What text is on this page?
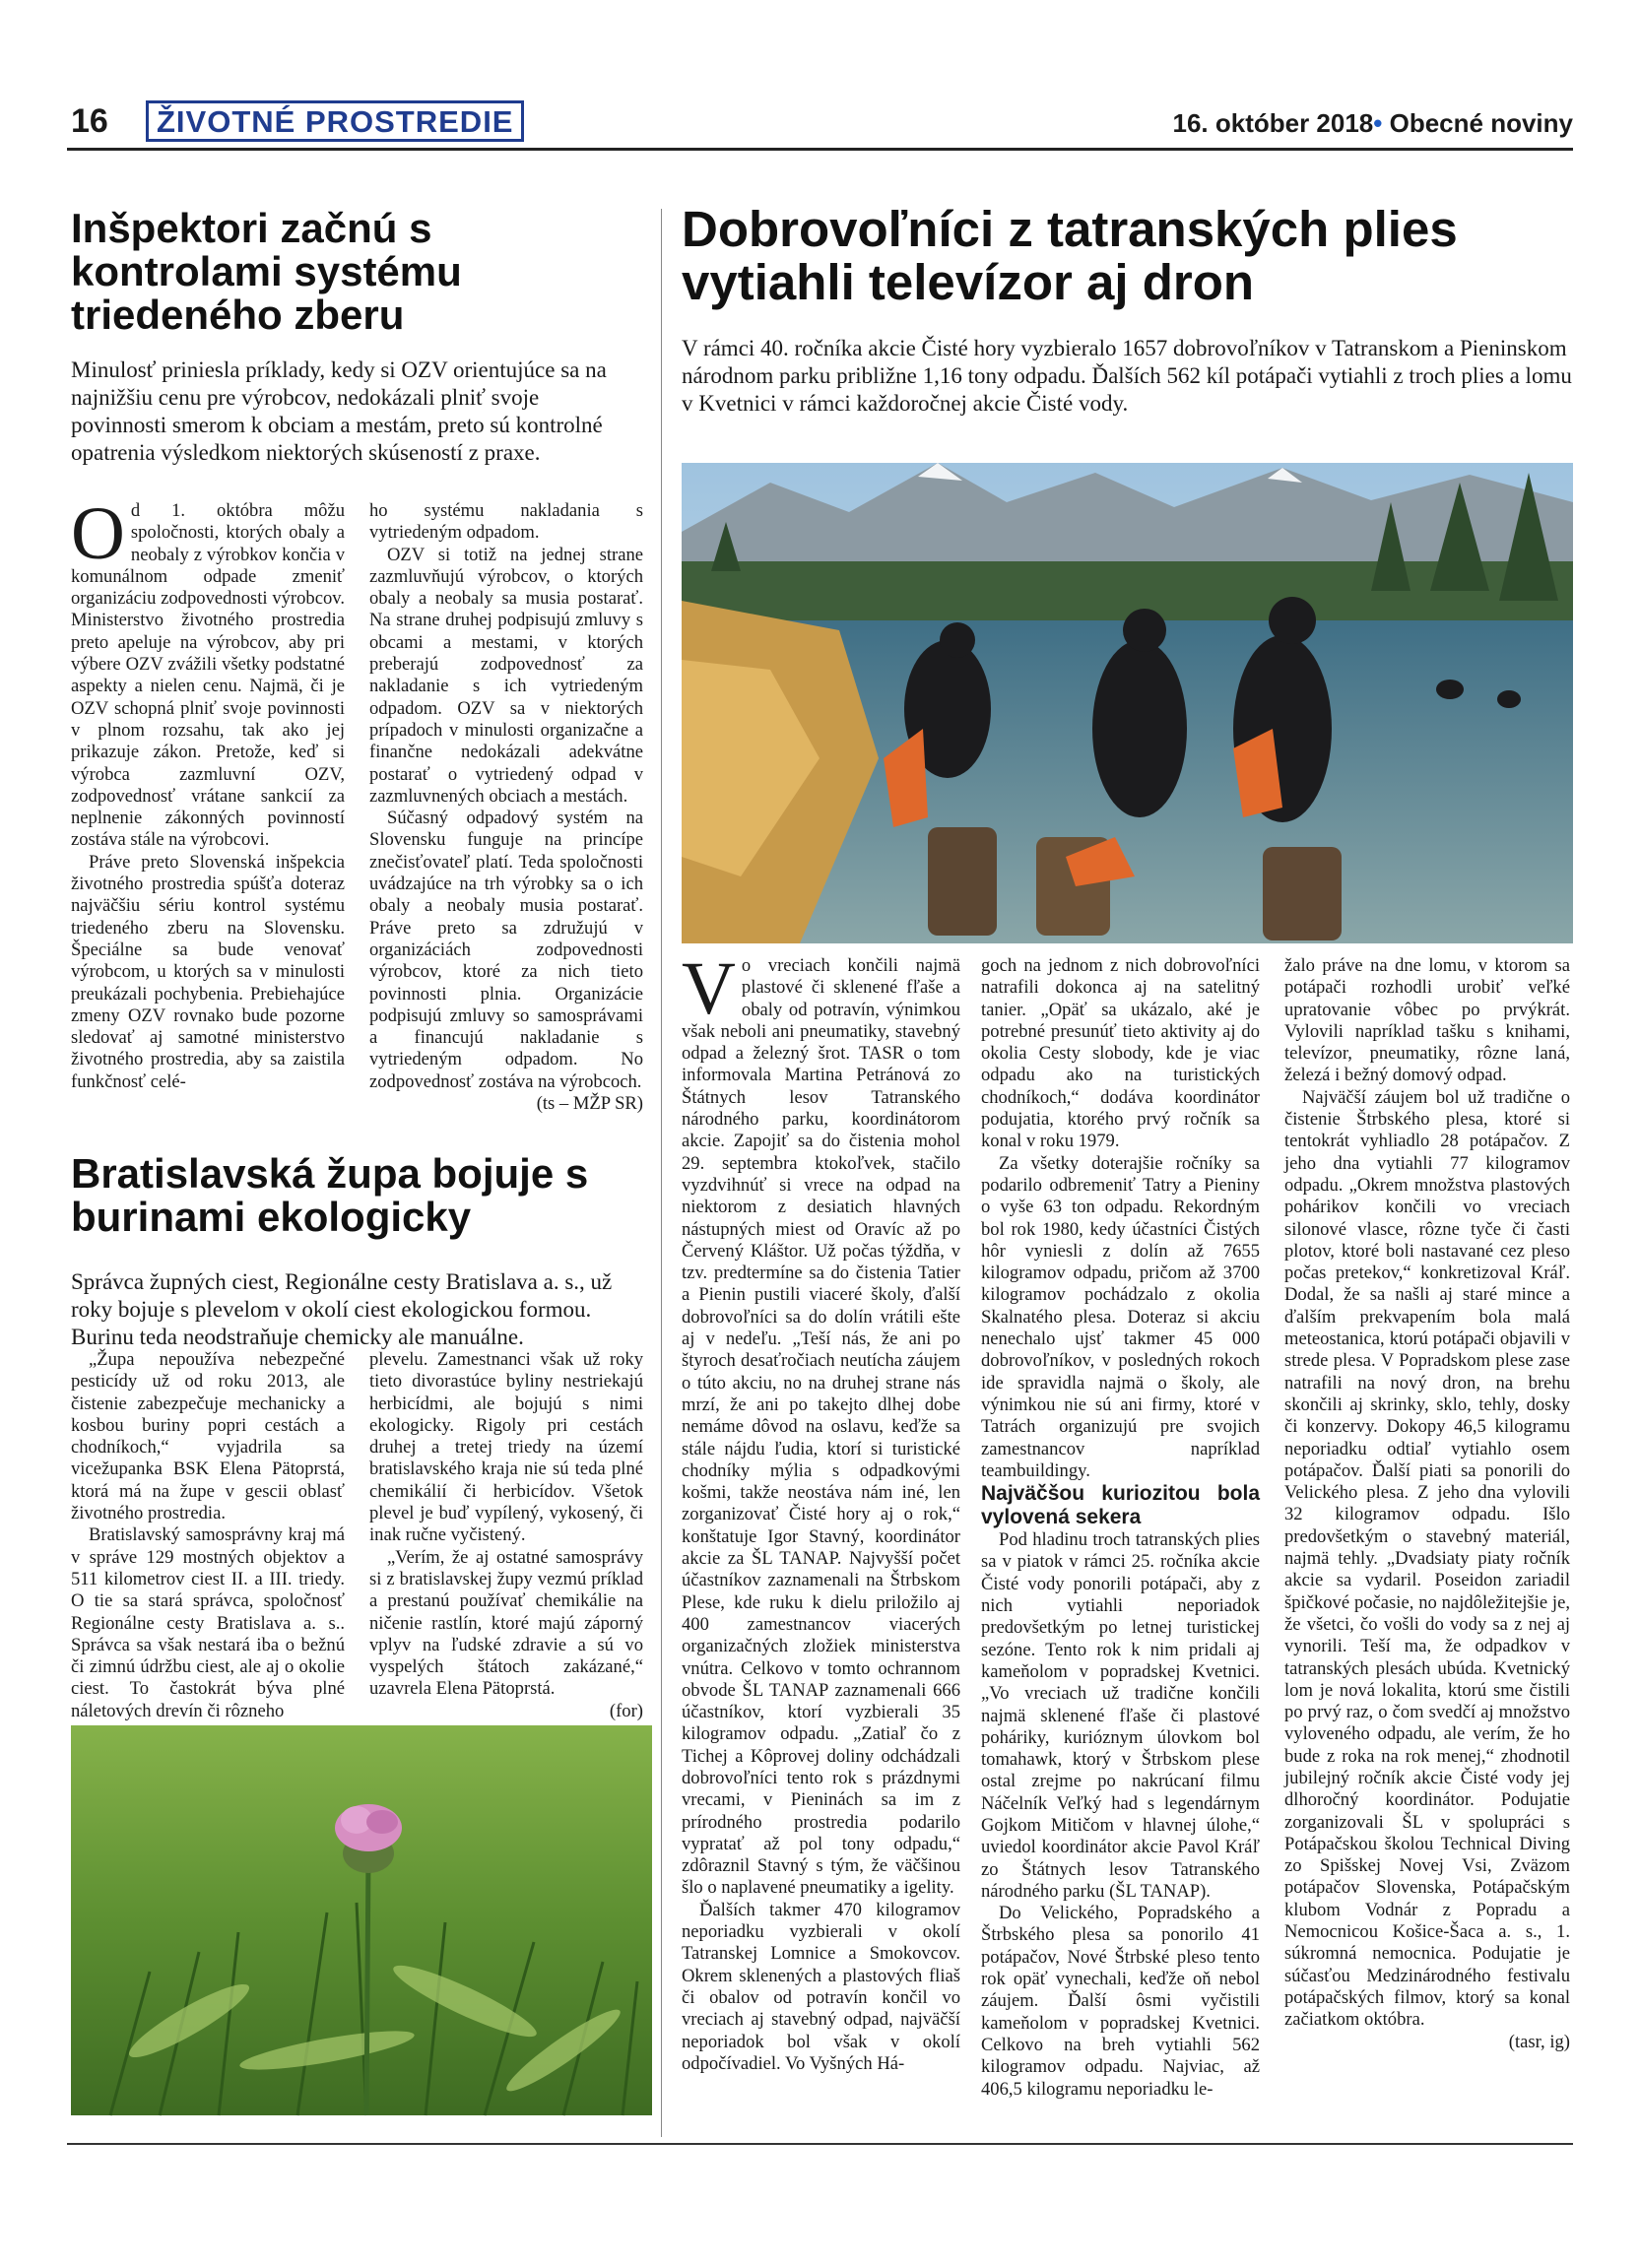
16	ŽIVOTNÉ PROSTREDIE	16. október 2018• Obecné noviny
Inšpektori začnú s kontrolami systému triedeného zberu
Minulosť priniesla príklady, kedy si OZV orientujúce sa na najnižšiu cenu pre výrobcov, nedokázali plniť svoje povinnosti smerom k obciam a mestám, preto sú kontrolné opatrenia výsledkom niektorých skúseností z praxe.
O d 1. októbra môžu spoločnosti, ktorých obaly a neobaly z výrobkov končia v komunálnom odpade zmeniť organizáciu zodpovednosti výrobcov. Ministerstvo životného prostredia preto apeluje na výrobcov, aby pri výbere OZV zvážili všetky podstatné aspekty a nielen cenu. Najmä, či je OZV schopná plniť svoje povinnosti v plnom rozsahu, tak ako jej prikazuje zákon. Pretože, keď si výrobca zazmluvní OZV, zodpovednosť vrátane sankcií za neplnenie zákonných povinností zostáva stále na výrobcovi.

Práve preto Slovenská inšpekcia životného prostredia spúšťa doteraz najväčšiu sériu kontrol systému triedeného zberu na Slovensku. Špeciálne sa bude venovať výrobcom, u ktorých sa v minulosti preukázali pochybenia. Prebiehajúce zmeny OZV rovnako bude pozorne sledovať aj samotné ministerstvo životného prostredia, aby sa zaistila funkčnosť celé-

ho systému nakladania s vytriedeným odpadom.

OZV si totiž na jednej strane zazmluvňujú výrobcov, o ktorých obaly a neobaly sa musia postarať. Na strane druhej podpisujú zmluvy s obcami a mestami, v ktorých preberajú zodpovednosť za nakladanie s ich vytriedeným odpadom. OZV sa v niektorých prípadoch v minulosti organizačne a finančne nedokázali adekvátne postarať o vytriedený odpad v zazmluvnených obciach a mestách.

Súčasný odpadový systém na Slovensku funguje na princípe znečisťovateľ platí. Teda spoločnosti uvádzajúce na trh výrobky sa o ich obaly a neobaly musia postarať. Práve preto sa združujú v organizáciách zodpovednosti výrobcov, ktoré za nich tieto povinnosti plnia. Organizácie podpisujú zmluvy so samosprávami a financujú nakladanie s vytriedeným odpadom. No zodpovednosť zostáva na výrobcoch.

(ts – MŽP SR)
Bratislavská župa bojuje s burinami ekologicky
Správca župných ciest, Regionálne cesty Bratislava a. s., už roky bojuje s plevelom v okolí ciest ekologickou formou. Burinu teda neodstraňuje chemicky ale manuálne.

„Župa nepoužíva nebezpečné pesticídy už od roku 2013, ale čistenie zabezpečuje mechanicky a kosbou buriny popri cestách a chodníkoch,“ vyjadrila sa vicežupanka BSK Elena Pätoprstá, ktorá má na župe v gescii oblasť životného prostredia.

Bratislavský samosprávny kraj má v správe 129 mostných objektov a 511 kilometrov ciest II. a III. triedy. O tie sa stará správca, spoločnosť Regionálne cesty Bratislava a. s.. Správca sa však nestará iba o bežnú či zimnú údržbu ciest, ale aj o okolie ciest. To častokrát býva plné náletových drevín či rôzneho

plevelu. Zamestnanci však už roky tieto divorastúce byliny nestriekajú herbicídmi, ale bojujú s nimi ekologicky. Rigoly pri cestách druhej a tretej triedy na území bratislavského kraja nie sú teda plné chemikálií či herbicídov. Všetok plevel je buď vypílený, vykosený, či inak ručne vyčistený.

„Verím, že aj ostatné samosprávy si z bratislavskej župy vezmú príklad a prestanú používať chemikálie na ničenie rastlín, ktoré majú záporný vplyv na ľudské zdravie a sú vo vyspelých štátoch zakázané,“ uzavrela Elena Pätoprstá.

(for)
Dobrovoľníci z tatranských plies vytiahli televízor aj dron
V rámci 40. ročníka akcie Čisté hory vyzbieralo 1657 dobrovoľníkov v Tatranskom a Pieninskom národnom parku približne 1,16 tony odpadu. Ďalších 562 kíl potápači vytiahli z troch plies a lomu v Kvetnici v rámci každoročnej akcie Čisté vody.
V o vreciach končili najmä plastové či sklenené fľaše a obaly od potravín, výnimkou však neboli ani pneumatiky, stavebný odpad a železný šrot. TASR o tom informovala Martina Petránová zo Štátnych lesov Tatranského národného parku, koordinátorom akcie. Zapojiť sa do čistenia mohol 29. septembra ktokoľvek, stačilo vyzdvihnúť si vrece na odpad na niektorom z desiatich hlavných nástupných miest od Oravíc až po Červený Kláštor. Už počas týždňa, v tzv. predtermíne sa do čistenia Tatier a Pienin pustili viaceré školy, ďalší dobrovoľníci sa do dolín vrátili ešte aj v nedeľu. „Teší nás, že ani po štyroch desaťročiach neutícha záujem o túto akciu, no na druhej strane nás mrzí, že ani po takejto dlhej dobe nemáme dôvod na oslavu, keďže sa stále nájdu ľudia, ktorí si turistické chodníky mýlia s odpadkovými košmi, takže neostáva nám iné, len zorganizovať Čisté hory aj o rok,“ konštatuje Igor Stavný, koordinátor akcie za ŠL TANAP. Najvyšší počet účastníkov zaznamenali na Štrbskom Plese, kde ruku k dielu priložilo aj 400 zamestnancov viacerých organizačných zložiek ministerstva vnútra. Celkovo v tomto ochrannom obvode ŠL TANAP zaznamenali 666 účastníkov, ktorí vyzbierali 35 kilogramov odpadu. „Zatiaľ čo z Tichej a Kôprovej doliny odchádzali dobrovoľníci tento rok s prázdnymi vrecami, v Pieninách sa im z prírodného prostredia podarilo vypratať až pol tony odpadu,“ zdôraznil Stavný s tým, že väčšinou šlo o naplavené pneumatiky a igelity.

Ďalších takmer 470 kilogramov neporiadku vyzbierali v okolí Tatranskej Lomnice a Smokovcov. Okrem sklenených a plastových fliaš či obalov od potravín končil vo vreciach aj stavebný odpad, najväčší neporiadok bol však v okolí odpočívadiel. Vo Vyšných Há-

goch na jednom z nich dobrovoľníci natrafili dokonca aj na satelitný tanier. „Opäť sa ukázalo, aké je potrebné presunúť tieto aktivity aj do okolia Cesty slobody, kde je viac odpadu ako na turistických chodníkoch,“ dodáva koordinátor podujatia, ktorého prvý ročník sa konal v roku 1979.

Za všetky doterajšie ročníky sa podarilo odbremeniť Tatry a Pieniny o vyše 63 ton odpadu. Rekordným bol rok 1980, kedy účastníci Čistých hôr vyniesli z dolín až 7655 kilogramov odpadu, pričom až 3700 kilogramov pochádzalo z okolia Skalnatého plesa. Doteraz si akciu nenechalo ujsť takmer 45 000 dobrovoľníkov, v posledných rokoch ide spravidla najmä o školy, ale výnimkou nie sú ani firmy, ktoré v Tatrách organizujú pre svojich zamestnancov napríklad teambuildingy.

Najväčšou kuriozitou bola vylovená sekera

Pod hladinu troch tatranských plies sa v piatok v rámci 25. ročníka akcie Čisté vody ponorili potápači, aby z nich vytiahli neporiadok predovšetkým po letnej turistickej sezóne. Tento rok k nim pridali aj kameňolom v popradskej Kvetnici. „Vo vreciach už tradične končili najmä sklenené fľaše či plastové poháriky, kurióznym úlovkom bol tomahawk, ktorý v Štrbskom plese ostal zrejme po nakrúcaní filmu Náčelník Veľký had s legendárnym Gojkom Mitičom v hlavnej úlohe,“ uviedol koordinátor akcie Pavol Kráľ zo Štátnych lesov Tatranského národného parku (ŠL TANAP).

Do Velického, Popradského a Štrbského plesa sa ponorilo 41 potápačov, Nové Štrbské pleso tento rok opäť vynechali, keďže oň nebol záujem. Ďalší ôsmi vyčistili kameňolom v popradskej Kvetnici. Celkovo na breh vytiahli 562 kilogramov odpadu. Najviac, až 406,5 kilogramu neporiadku le-

žalo práve na dne lomu, v ktorom sa potápači rozhodli urobiť veľké upratovanie vôbec po prvýkrát. Vylovili napríklad tašku s knihami, televízor, pneumatiky, rôzne laná, železá i bežný domový odpad.

Najväčší záujem bol už tradične o čistenie Štrbského plesa, ktoré si tentokrát vyhliadlo 28 potápačov. Z jeho dna vytiahli 77 kilogramov odpadu. „Okrem množstva plastových pohárikov končili vo vreciach silonové vlasce, rôzne tyče či časti plotov, ktoré boli nastavané cez pleso počas pretekov,“ konkretizoval Kráľ. Dodal, že sa našli aj staré mince a ďalším prekvapením bola malá meteostanica, ktorú potápači objavili v strede plesa. V Popradskom plese zase natrafili na nový dron, na brehu skončili aj skrinky, sklo, tehly, dosky či konzervy. Dokopy 46,5 kilogramu neporiadku odtiaľ vytiahlo osem potápačov. Ďalší piati sa ponorili do Velického plesa. Z jeho dna vylovili 32 kilogramov odpadu. Išlo predovšetkým o stavebný materiál, najmä tehly. „Dvadsiaty piaty ročník akcie sa vydaril. Poseidon zariadil špičkové počasie, no najdôležitejšie je, že všetci, čo vošli do vody sa z nej aj vynorili. Teší ma, že odpadkov v tatranských plesách ubúda. Kvetnický lom je nová lokalita, ktorú sme čistili po prvý raz, o čom svedčí aj množstvo vyloveného odpadu, ale verím, že ho bude z roka na rok menej,“ zhodnotil jubilejný ročník akcie Čisté vody jej dlhoročný koordinátor. Podujatie zorganizovali ŠL v spolupráci s Potápačskou školou Technical Diving zo Spišskej Novej Vsi, Zväzom potápačov Slovenska, Potápačským klubom Vodnár z Popradu a Nemocnicou Košice-Šaca a. s., 1. súkromná nemocnica. Podujatie je súčasťou Medzinárodného festivalu potápačských filmov, ktorý sa konal začiatkom októbra.

(tasr, ig)
